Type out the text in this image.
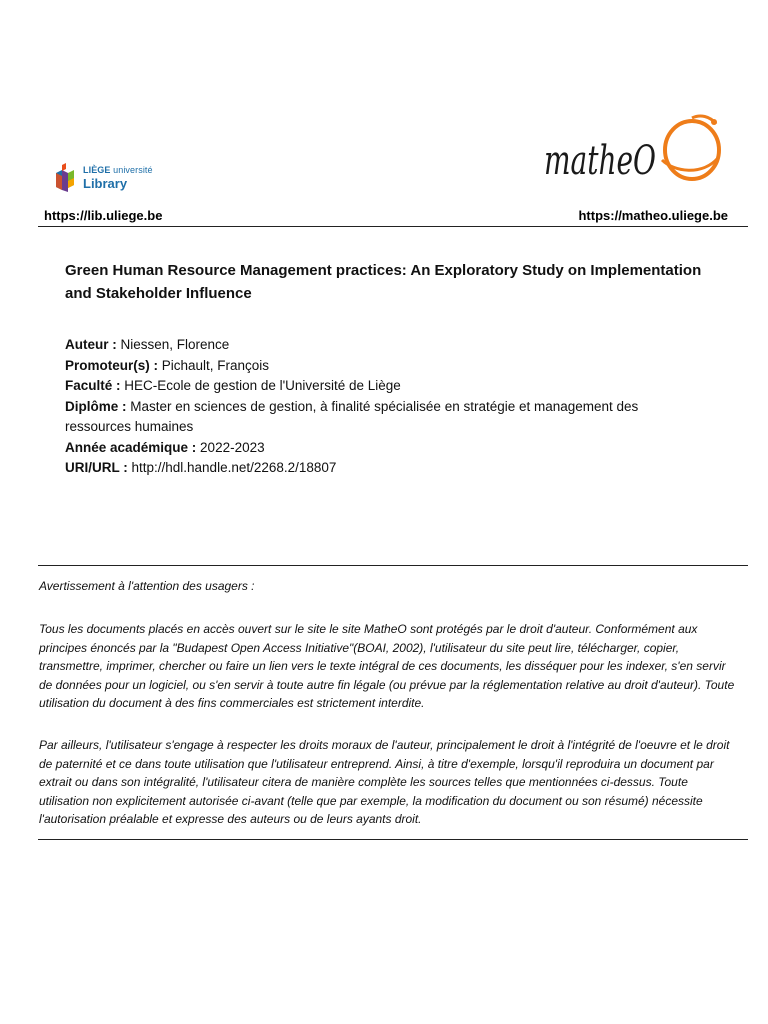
LIÈGE université
Library	matheO
https://lib.uliege.be	https://matheo.uliege.be
Green Human Resource Management practices: An Exploratory Study on Implementation and Stakeholder Influence

Auteur : Niessen, Florence

Promoteur(s) : Pichault, François

Faculté : HEC-Ecole de gestion de l'Université de Liège

Diplôme : Master en sciences de gestion, à finalité spécialisée en stratégie et management des ressources humaines

Année académique : 2022-2023

URI/URL : http://hdl.handle.net/2268.2/18807

Avertissement à l'attention des usagers :
Tous les documents placés en accès ouvert sur le site le site MatheO sont protégés par le droit d'auteur. Conformément aux principes énoncés par la "Budapest Open Access Initiative"(BOAI, 2002), l'utilisateur du site peut lire, télécharger, copier, transmettre, imprimer, chercher ou faire un lien vers le texte intégral de ces documents, les disséquer pour les indexer, s'en servir de données pour un logiciel, ou s'en servir à toute autre fin légale (ou prévue par la réglementation relative au droit d'auteur). Toute utilisation du document à des fins commerciales est strictement interdite.
Par ailleurs, l'utilisateur s'engage à respecter les droits moraux de l'auteur, principalement le droit à l'intégrité de l'oeuvre et le droit de paternité et ce dans toute utilisation que l'utilisateur entreprend. Ainsi, à titre d'exemple, lorsqu'il reproduira un document par extrait ou dans son intégralité, l'utilisateur citera de manière complète les sources telles que mentionnées ci-dessus. Toute utilisation non explicitement autorisée ci-avant (telle que par exemple, la modification du document ou son résumé) nécessite l'autorisation préalable et expresse des auteurs ou de leurs ayants droit.
